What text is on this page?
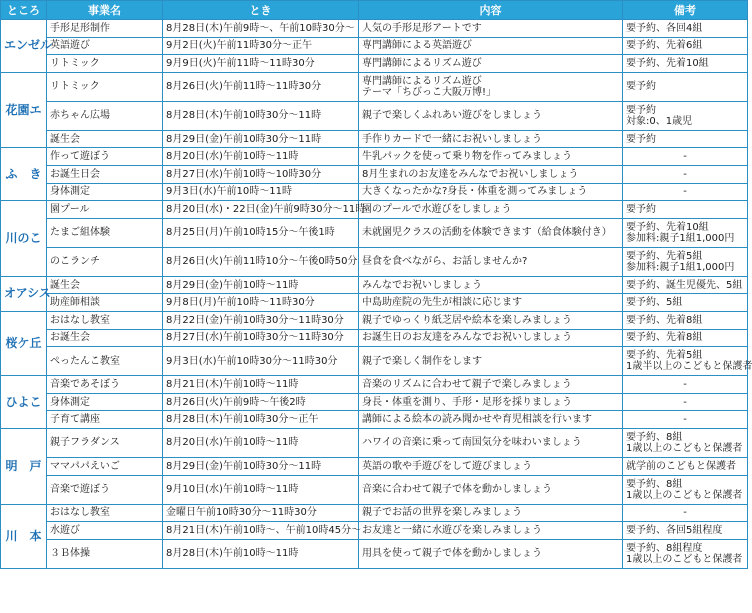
ところ	事業名	とき	内容	備考
エンゼル	手形足形制作	8月28日(木)午前9時〜、午前10時30分〜	人気の手形足形アートです	要予約、各回4組

	英語遊び	9月2日(火)午前11時30分〜正午	専門講師による英語遊び	要予約、先着6組

	リトミック	9月9日(火)午前11時〜11時30分	専門講師によるリズム遊び	要予約、先着10組

花園エ	リトミック	8月26日(火)午前11時〜11時30分	専門講師によるリズム遊び
テーマ「ちびっこ大阪万博!」	要予約

	赤ちゃん広場	8月28日(木)午前10時30分〜11時	親子で楽しくふれあい遊びをしましょう	要予約
対象:0、1歳児

	誕生会	8月29日(金)午前10時30分〜11時	手作りカードで一緒にお祝いしましょう	要予約

ふ　き	作って遊ぼう	8月20日(水)午前10時〜11時	牛乳パックを使って乗り物を作ってみましょう	-

	お誕生日会	8月27日(水)午前10時〜10時30分	8月生まれのお友達をみんなでお祝いしましょう	-

	身体測定	9月3日(水)午前10時〜11時	大きくなったかな?身長・体重を測ってみましょう	-

川のこ	園プール	8月20日(水)・22日(金)午前9時30分〜11時	園のプールで水遊びをしましょう	要予約

	たまご組体験	8月25日(月)午前10時15分〜午後1時	未就園児クラスの活動を体験できます（給食体験付き）	要予約、先着10組
参加料:親子1組1,000円

	のこランチ	8月26日(火)午前11時10分〜午後0時50分	昼食を食べながら、お話しませんか?	要予約、先着5組
参加料:親子1組1,000円

オアシス	誕生会	8月29日(金)午前10時〜11時	みんなでお祝いしましょう	要予約、誕生児優先、5組

	助産師相談	9月8日(月)午前10時〜11時30分	中島助産院の先生が相談に応じます	要予約、5組

桜ケ丘	おはなし教室	8月22日(金)午前10時30分〜11時30分	親子でゆっくり紙芝居や絵本を楽しみましょう	要予約、先着8組

	お誕生会	8月27日(水)午前10時30分〜11時30分	お誕生日のお友達をみんなでお祝いしましょう	要予約、先着8組

	ぺったんこ教室	9月3日(水)午前10時30分〜11時30分	親子で楽しく制作をします	要予約、先着5組
1歳半以上のこどもと保護者

ひよこ	音楽であそぼう	8月21日(木)午前10時〜11時	音楽のリズムに合わせて親子で楽しみましょう	-

	身体測定	8月26日(火)午前9時〜午後2時	身長・体重を測り、手形・足形を採りましょう	-

	子育て講座	8月28日(木)午前10時30分〜正午	講師による絵本の読み聞かせや育児相談を行います	-

明　戸	親子フラダンス	8月20日(水)午前10時〜11時	ハワイの音楽に乗って南国気分を味わいましょう	要予約、8組
1歳以上のこどもと保護者

	ママパパえいご	8月29日(金)午前10時30分〜11時	英語の歌や手遊びをして遊びましょう	就学前のこどもと保護者

	音楽で遊ぼう	9月10日(水)午前10時〜11時	音楽に合わせて親子で体を動かしましょう	要予約、8組
1歳以上のこどもと保護者

川　本	おはなし教室	金曜日午前10時30分〜11時30分	親子でお話の世界を楽しみましょう	-

	水遊び	8月21日(木)午前10時〜、午前10時45分〜	お友達と一緒に水遊びを楽しみましょう	要予約、各回5組程度

	３Ｂ体操	8月28日(木)午前10時〜11時	用具を使って親子で体を動かしましょう	要予約、8組程度
1歳以上のこどもと保護者
